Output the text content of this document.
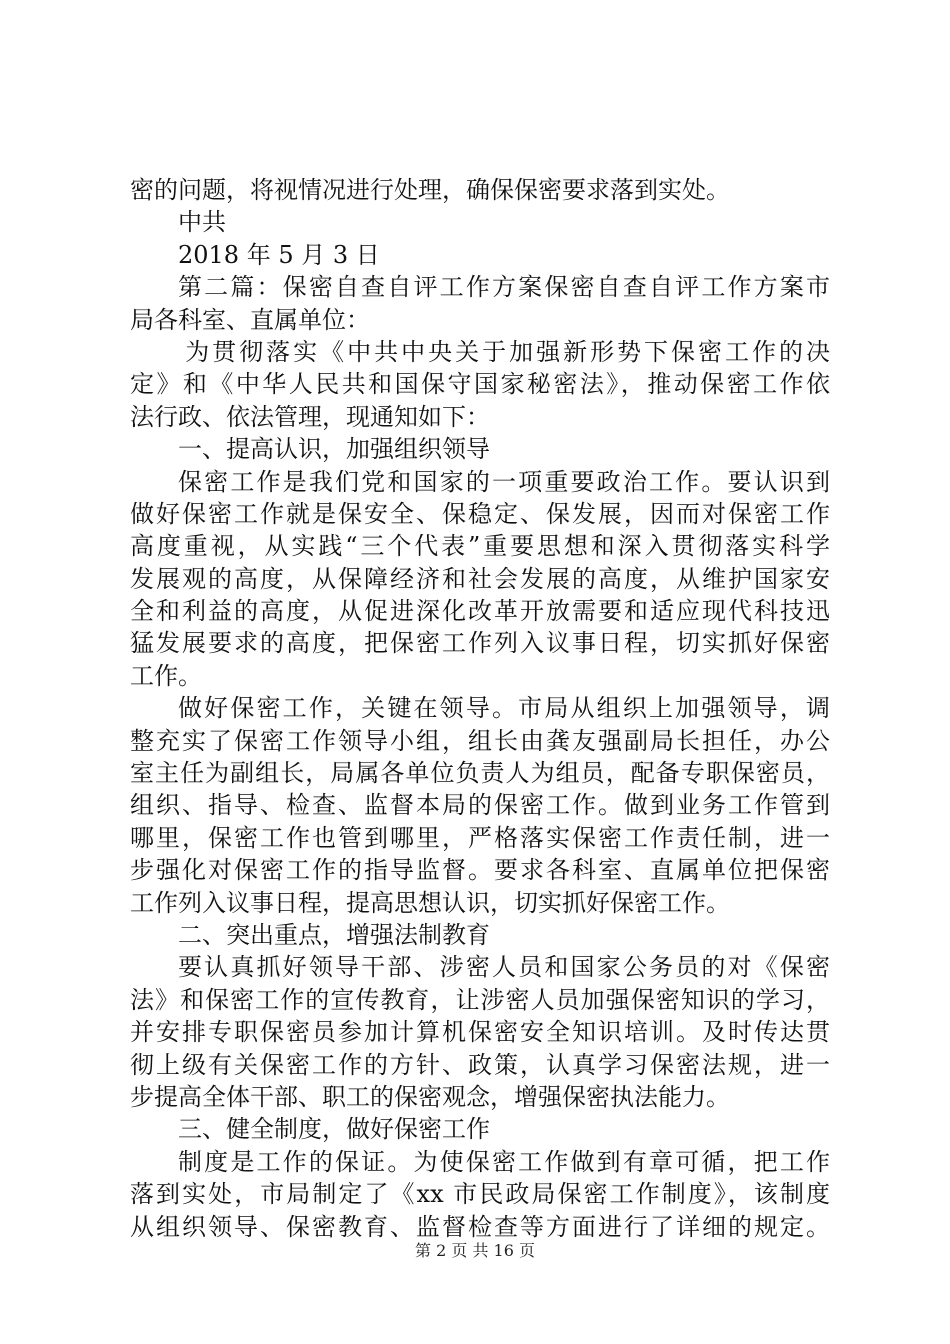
密的问题，将视情况进行处理，确保保密要求落到实处。
中共
2018 年 5 月 3 日
第二篇：保密自查自评工作方案保密自查自评工作方案市
局各科室、直属单位：
为贯彻落实《中共中央关于加强新形势下保密工作的决
定》和《中华人民共和国保守国家秘密法》，推动保密工作依
法行政、依法管理，现通知如下：
一、提高认识，加强组织领导
保密工作是我们党和国家的一项重要政治工作。要认识到
做好保密工作就是保安全、保稳定、保发展，因而对保密工作
高度重视，从实践“三个代表”重要思想和深入贯彻落实科学
发展观的高度，从保障经济和社会发展的高度，从维护国家安
全和利益的高度，从促进深化改革开放需要和适应现代科技迅
猛发展要求的高度，把保密工作列入议事日程，切实抓好保密
工作。
做好保密工作，关键在领导。市局从组织上加强领导，调
整充实了保密工作领导小组，组长由龚友强副局长担任，办公
室主任为副组长，局属各单位负责人为组员，配备专职保密员，
组织、指导、检查、监督本局的保密工作。做到业务工作管到
哪里，保密工作也管到哪里，严格落实保密工作责任制，进一
步强化对保密工作的指导监督。要求各科室、直属单位把保密
工作列入议事日程，提高思想认识，切实抓好保密工作。
二、突出重点，增强法制教育
要认真抓好领导干部、涉密人员和国家公务员的对《保密
法》和保密工作的宣传教育，让涉密人员加强保密知识的学习，
并安排专职保密员参加计算机保密安全知识培训。及时传达贯
彻上级有关保密工作的方针、政策，认真学习保密法规，进一
步提高全体干部、职工的保密观念，增强保密执法能力。
三、健全制度，做好保密工作
制度是工作的保证。为使保密工作做到有章可循，把工作
落到实处，市局制定了《xx 市民政局保密工作制度》，该制度
从组织领导、保密教育、监督检查等方面进行了详细的规定。
第 2 页 共 16 页
